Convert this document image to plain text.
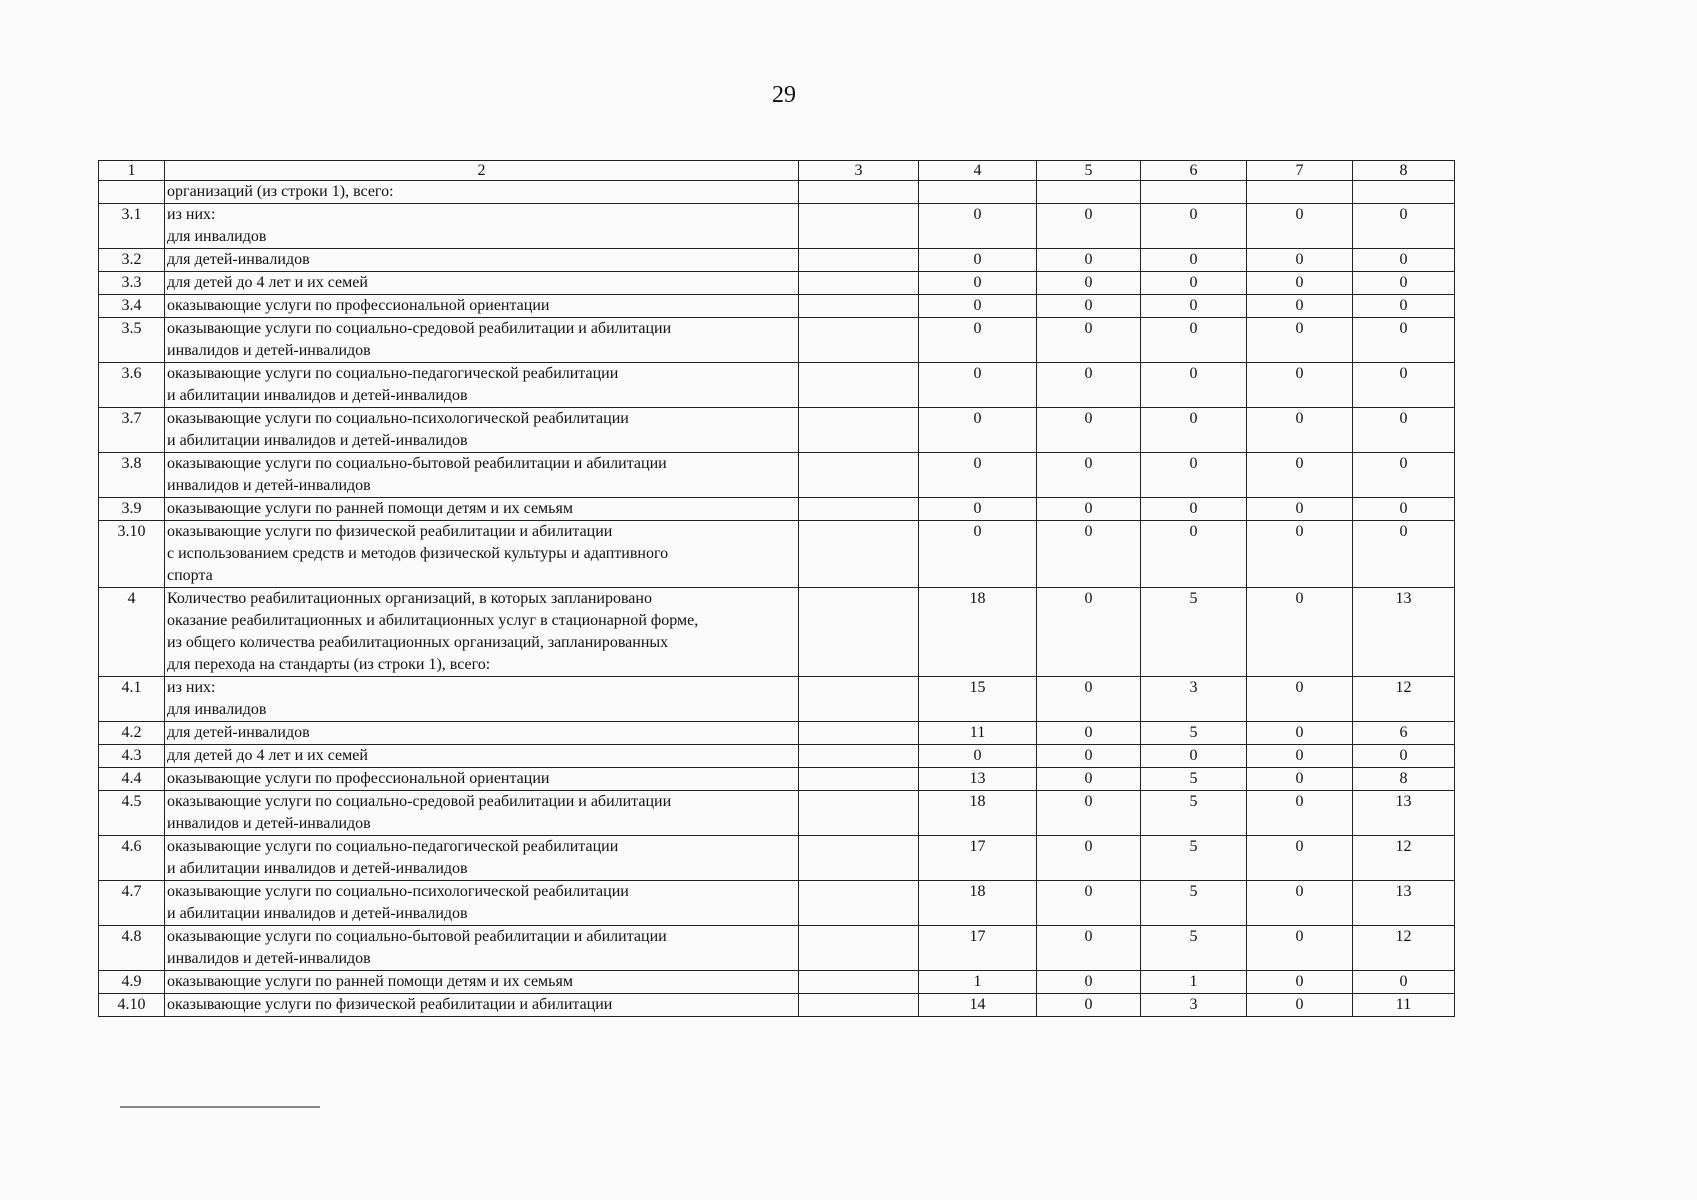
29
1	2	3	4	5	6	7	8
	организаций (из строки 1), всего:						
3.1	из них:
для инвалидов		0	0	0	0	0
3.2	для детей-инвалидов		0	0	0	0	0
3.3	для детей до 4 лет и их семей		0	0	0	0	0
3.4	оказывающие услуги по профессиональной ориентации		0	0	0	0	0
3.5	оказывающие услуги по социально-средовой реабилитации и абилитации
инвалидов и детей-инвалидов		0	0	0	0	0
3.6	оказывающие услуги по социально-педагогической реабилитации
и абилитации инвалидов и детей-инвалидов		0	0	0	0	0
3.7	оказывающие услуги по социально-психологической реабилитации
и абилитации инвалидов и детей-инвалидов		0	0	0	0	0
3.8	оказывающие услуги по социально-бытовой реабилитации и абилитации
инвалидов и детей-инвалидов		0	0	0	0	0
3.9	оказывающие услуги по ранней помощи детям и их семьям		0	0	0	0	0
3.10	оказывающие услуги по физической реабилитации и абилитации
с использованием средств и методов физической культуры и адаптивного
спорта		0	0	0	0	0
4	Количество реабилитационных организаций, в которых запланировано
оказание реабилитационных и абилитационных услуг в стационарной форме,
из общего количества реабилитационных организаций, запланированных
для перехода на стандарты (из строки 1), всего:		18	0	5	0	13
4.1	из них:
для инвалидов		15	0	3	0	12
4.2	для детей-инвалидов		11	0	5	0	6
4.3	для детей до 4 лет и их семей		0	0	0	0	0
4.4	оказывающие услуги по профессиональной ориентации		13	0	5	0	8
4.5	оказывающие услуги по социально-средовой реабилитации и абилитации
инвалидов и детей-инвалидов		18	0	5	0	13
4.6	оказывающие услуги по социально-педагогической реабилитации
и абилитации инвалидов и детей-инвалидов		17	0	5	0	12
4.7	оказывающие услуги по социально-психологической реабилитации
и абилитации инвалидов и детей-инвалидов		18	0	5	0	13
4.8	оказывающие услуги по социально-бытовой реабилитации и абилитации
инвалидов и детей-инвалидов		17	0	5	0	12
4.9	оказывающие услуги по ранней помощи детям и их семьям		1	0	1	0	0
4.10	оказывающие услуги по физической реабилитации и абилитации		14	0	3	0	11
